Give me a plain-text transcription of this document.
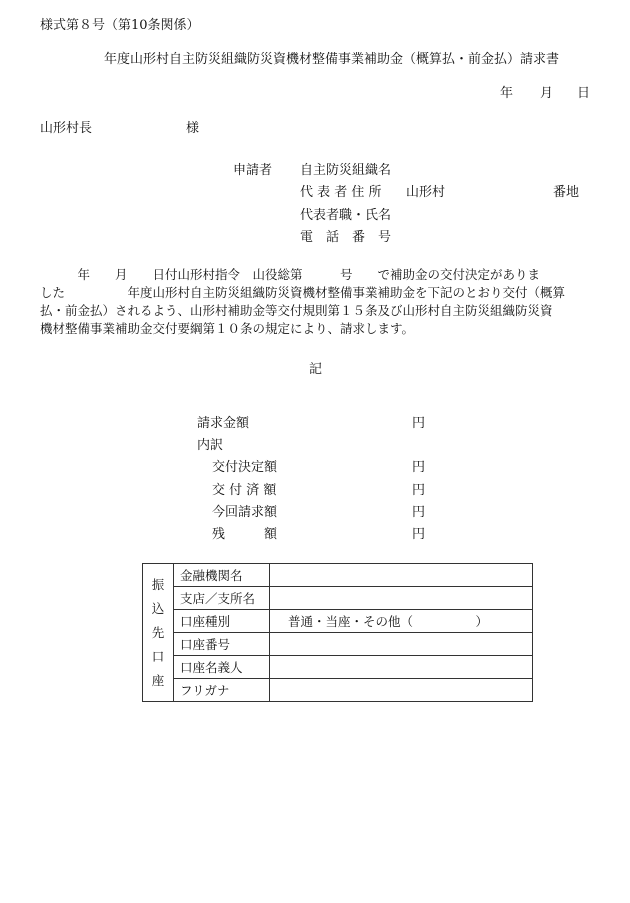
様式第８号（第10条関係）
年度山形村自主防災組織防災資機材整備事業補助金（概算払・前金払）請求書
年 月 日
山形村長	様
申請者 自主防災組織名
代 表 者 住 所 山形村	番地
代表者職・氏名
電　話　番　号
　　　年　　月　　日付山形村指令　山役総第　　　号　　で補助金の交付決定がありま
した　　　　　年度山形村自主防災組織防災資機材整備事業補助金を下記のとおり交付（概算
払・前金払）されるよう、山形村補助金等交付規則第１５条及び山形村自主防災組織防災資
機材整備事業補助金交付要綱第１０条の規定により、請求します。
記
請求金額	円
内訳
交付決定額	円
交 付 済 額	円
今回請求額	円
残　　　額	円
振
込
先
口
座	金融機関名	
	支店／支所名	
	口座種別	普通・当座・その他（　　　　　）
	口座番号	
	口座名義人	
	フリガナ	
